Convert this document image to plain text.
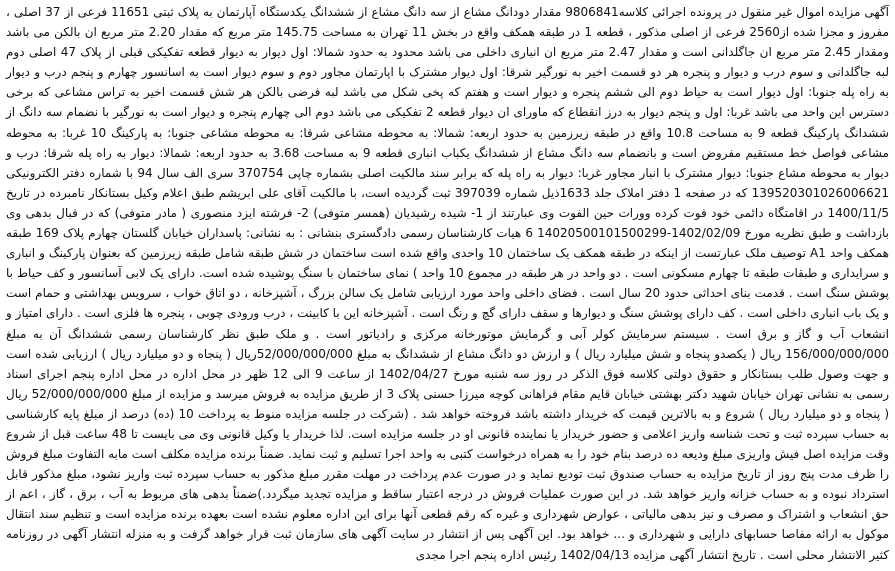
آگهی مزایده اموال غیر منقول در پرونده اجرائی کلاسه9806841 مقدار دودانگ مشاع از سه دانگ مشاع از ششدانگ یکدستگاه آپارتمان به پلاک ثبتی 11651 فرعی از 37 اصلی ، مفروز و مجزا شده از2560 فرعی از اصلی مذکور ، قطعه 1 در طبقه همکف واقع در بخش 11 تهران به مساحت 145.75 متر مربع که مقدار 2.20 متر مربع ان بالکن می باشد ومقدار 2.45 متر مربع ان جاگلدانی است و مقدار 2.47 متر مربع ان انباری داخلی می باشد محدود به حدود شمالا: اول دیوار به دیوار قطعه تفکیکی قبلی از پلاک 47 اصلی دوم لبه جاگلدانی و سوم درب و دیوار و پنجره هر دو قسمت اخیر به نورگیر شرقا: اول دیوار مشترک با اپارتمان مجاور دوم و سوم دیوار است به اسانسور چهارم و پنجم درب و دیوار به راه پله جنوبا: اول دیوار است به حیاط دوم الی ششم پنجره و دیوار است و هفتم که پخی شکل می باشد لبه فرضی بالکن هر شش قسمت اخیر به تراس مشاعی که برخی دسترس این واحد می باشد غربا: اول و پنجم دیوار به درز انقطاع که ماورای ان دیوار قطعه 2 تفکیکی می باشد دوم الی چهارم پنجره و دیوار است به نورگیر با نضمام سه دانگ از ششدانگ پارکینگ قطعه 9 به مساحت 10.8 واقع در طبقه زیرزمین به حدود اربعه: شمالا: به محوطه مشاعی شرقا: به محوطه مشاعی جنوبا: به پارکینگ 10 غربا: به محوطه مشاعی فواصل خط مستقیم مفروض است و بانضمام سه دانگ مشاع از ششدانگ یکباب انباری قطعه 9 به مساحت 3.68 به حدود اربعه: شمالا: دیوار به راه پله شرقا: درب و دیوار به محوطه مشاع جنوبا: دیوار مشترک با انبار مجاور غربا: دیوار به راه پله که برابر سند مالکیت اصلی بشماره چاپی 370754 سری الف سال 94 با شماره دفتر الکترونیکی 139520301026006621 که در صفحه 1 دفتر املاک جلد 1633ذیل شماره 397039 ثبت گردیده است، با مالکیت آقای علی ابریشم طبق اعلام وکیل بستانکار نامبرده در تاریخ 1400/11/5 در اقامتگاه دائمی خود فوت کرده وورات حین الفوت وی عبارتند از 1- شیده رشیدیان (همسر متوفی) 2- فرشته ایزد منصوری ( مادر متوفی) که در قبال بدهی وی بازداشت و طبق نظریه مورخ 1402/02/09-14020500101500299 6 هیات کارشناسان رسمی دادگستری بنشانی : به نشانی: پاسداران خیابان گلستان چهارم پلاک 169 طبقه همکف واحد A1 توصیف ملک عبارتست از اینکه در طبقه همکف یک ساختمان 10 واحدی واقع شده است ساختمان در شش طبقه شامل طبقه زیرزمین که بعنوان پارکینگ و انباری و سرایداری و طبقات طبقه تا چهارم مسکونی است . دو واحد در هر طبقه در مجموع 10 واحد ) نمای ساختمان با سنگ پوشیده شده است. دارای یک لابی آسانسور و کف حیاط با پوشش سنگ است . قدمت بنای احداثی حدود 20 سال است . فضای داخلی واحد مورد ارزیابی شامل یک سالن بزرگ ، آشپزخانه ، دو اتاق خواب ، سرویس بهداشتی و حمام است و یک باب انباری داخلی است . کف دارای پوشش سنگ و دیوارها و سقف دارای گچ و رنگ است . آشپزخانه این با کابینت ، درب ورودی چوبی ، پنجره ها فلزی است . دارای امتیاز و انشعاب آب و گاز و برق است . سیستم سرمایش کولر آبی و گرمایش موتورخانه مرکزی و رادیاتور است . و ملک طبق نظر کارشناسان رسمی ششدانگ آن به مبلغ 156/000/000/000 ریال ( یکصدو پنجاه و شش میلیارد ریال ) و ارزش دو دانگ مشاع از ششدانگ به مبلغ 52/000/000/000ریال ( پنجاه و دو میلیارد ریال ) ارزیابی شده است و جهت وصول طلب بستانکار و حقوق دولتی کلاسه فوق الذکر در روز سه شنبه مورخ 1402/04/27 از ساعت 9 الی 12 ظهر در محل اداره در محل اداره پنجم اجرای اسناد رسمی به نشانی تهران خیابان شهید دکتر بهشتی خیابان قایم مقام فراهانی کوچه میرزا حسنی پلاک 3 از طریق مزایده به فروش میرسد و مزایده از مبلغ 52/000/000/000 ریال ( پنجاه و دو میلیارد ریال ) شروع و به بالاترین قیمت که خریدار داشته باشد فروخته خواهد شد . (شرکت در جلسه مزایده منوط به پرداخت 10 (ده) درصد از مبلغ پایه کارشناسی به حساب سپرده ثبت و تحت شناسه واریز اعلامی و حضور خریدار یا نماینده قانونی او در جلسه مزایده است. لذا خریدار یا وکیل قانونی وی می بایست تا 48 ساعت قبل از شروع وقت مزایده اصل فیش واریزی مبلغ ودیعه ده درصد بنام خود را به همراه درخواست کتبی به واحد اجرا تسلیم و ثبت نماید. ضمناً برنده مزایده مکلف است مابه التفاوت مبلغ فروش را ظرف مدت پنج روز از تاریخ مزایده به حساب صندوق ثبت تودیع نماید و در صورت عدم پرداخت در مهلت مقرر مبلغ مذکور به حساب سپرده ثبت واریز نشود، مبلغ مذکور قابل استرداد نبوده و به حساب خزانه واریز خواهد شد. در این صورت عملیات فروش در درجه اعتبار ساقط و مزایده تجدید میگردد.)ضمناً بدهی های مربوط به آب ، برق ، گاز ، اعم از حق انشعاب و اشتراک و مصرف و نیز بدهی مالیاتی ، عوارض شهرداری و غیره که رقم قطعی آنها برای این اداره معلوم نشده است بعهده برنده مزایده است و تنظیم سند انتقال موکول به ارائه مفاصا حسابهای دارایی و شهرداری و ... خواهد بود. این آگهی پس از انتشار در سایت آگهی های سازمان ثبت قرار خواهد گرفت و به منزله انتشار آگهی در روزنامه کثیر الانتشار محلی است . تاریخ انتشار آگهی مزایده 1402/04/13 رئیس اداره پنجم اجرا مجدی
